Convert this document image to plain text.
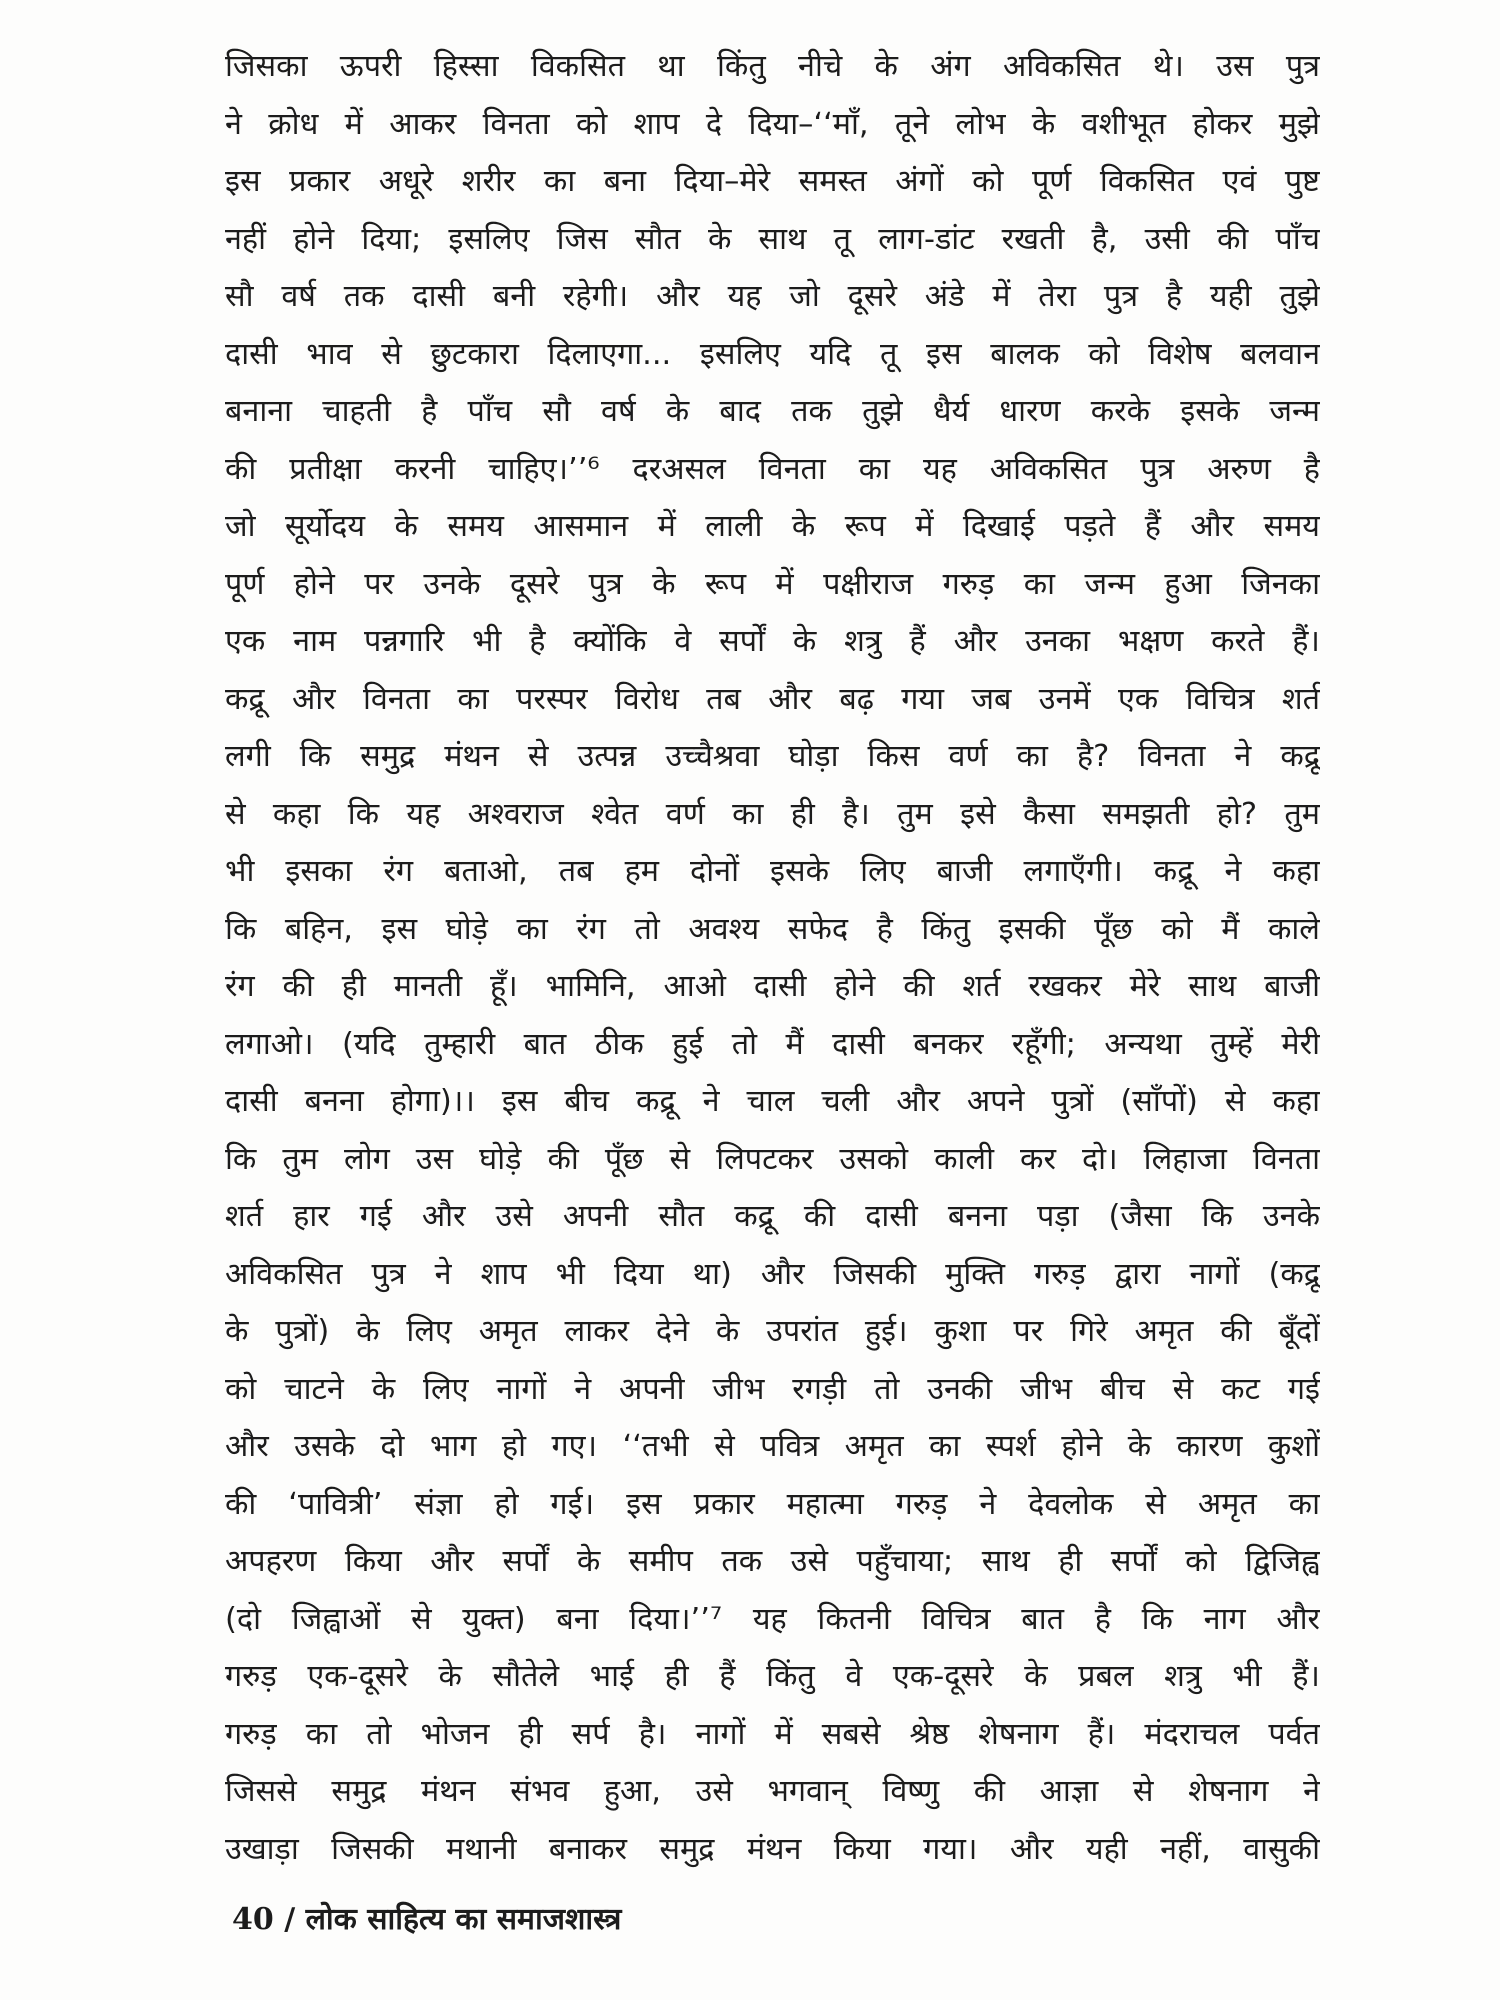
जिसका ऊपरी हिस्सा विकसित था किंतु नीचे के अंग अविकसित थे। उस पुत्र
ने क्रोध में आकर विनता को शाप दे दिया–‘‘माँ, तूने लोभ के वशीभूत होकर मुझे
इस प्रकार अधूरे शरीर का बना दिया–मेरे समस्त अंगों को पूर्ण विकसित एवं पुष्ट
नहीं होने दिया; इसलिए जिस सौत के साथ तू लाग-डांट रखती है, उसी की पाँच
सौ वर्ष तक दासी बनी रहेगी। और यह जो दूसरे अंडे में तेरा पुत्र है यही तुझे
दासी भाव से छुटकारा दिलाएगा... इसलिए यदि तू इस बालक को विशेष बलवान
बनाना चाहती है पाँच सौ वर्ष के बाद तक तुझे धैर्य धारण करके इसके जन्म
की प्रतीक्षा करनी चाहिए।’’⁶ दरअसल विनता का यह अविकसित पुत्र अरुण है
जो सूर्योदय के समय आसमान में लाली के रूप में दिखाई पड़ते हैं और समय
पूर्ण होने पर उनके दूसरे पुत्र के रूप में पक्षीराज गरुड़ का जन्म हुआ जिनका
एक नाम पन्नगारि भी है क्योंकि वे सर्पों के शत्रु हैं और उनका भक्षण करते हैं।
कद्रू और विनता का परस्पर विरोध तब और बढ़ गया जब उनमें एक विचित्र शर्त
लगी कि समुद्र मंथन से उत्पन्न उच्चैश्रवा घोड़ा किस वर्ण का है? विनता ने कद्रू
से कहा कि यह अश्वराज श्वेत वर्ण का ही है। तुम इसे कैसा समझती हो? तुम
भी इसका रंग बताओ, तब हम दोनों इसके लिए बाजी लगाएँगी। कद्रू ने कहा
कि बहिन, इस घोड़े का रंग तो अवश्य सफेद है किंतु इसकी पूँछ को मैं काले
रंग की ही मानती हूँ। भामिनि, आओ दासी होने की शर्त रखकर मेरे साथ बाजी
लगाओ। (यदि तुम्हारी बात ठीक हुई तो मैं दासी बनकर रहूँगी; अन्यथा तुम्हें मेरी
दासी बनना होगा)।। इस बीच कद्रू ने चाल चली और अपने पुत्रों (साँपों) से कहा
कि तुम लोग उस घोड़े की पूँछ से लिपटकर उसको काली कर दो। लिहाजा विनता
शर्त हार गई और उसे अपनी सौत कद्रू की दासी बनना पड़ा (जैसा कि उनके
अविकसित पुत्र ने शाप भी दिया था) और जिसकी मुक्ति गरुड़ द्वारा नागों (कद्रू
के पुत्रों) के लिए अमृत लाकर देने के उपरांत हुई। कुशा पर गिरे अमृत की बूँदों
को चाटने के लिए नागों ने अपनी जीभ रगड़ी तो उनकी जीभ बीच से कट गई
और उसके दो भाग हो गए। ‘‘तभी से पवित्र अमृत का स्पर्श होने के कारण कुशों
की ‘पावित्री’ संज्ञा हो गई। इस प्रकार महात्मा गरुड़ ने देवलोक से अमृत का
अपहरण किया और सर्पों के समीप तक उसे पहुँचाया; साथ ही सर्पों को द्विजिह्व
(दो जिह्वाओं से युक्त) बना दिया।’’⁷ यह कितनी विचित्र बात है कि नाग और
गरुड़ एक-दूसरे के सौतेले भाई ही हैं किंतु वे एक-दूसरे के प्रबल शत्रु भी हैं।
गरुड़ का तो भोजन ही सर्प है। नागों में सबसे श्रेष्ठ शेषनाग हैं। मंदराचल पर्वत
जिससे समुद्र मंथन संभव हुआ, उसे भगवान् विष्णु की आज्ञा से शेषनाग ने
उखाड़ा जिसकी मथानी बनाकर समुद्र मंथन किया गया। और यही नहीं, वासुकी
40 / लोक साहित्य का समाजशास्त्र
